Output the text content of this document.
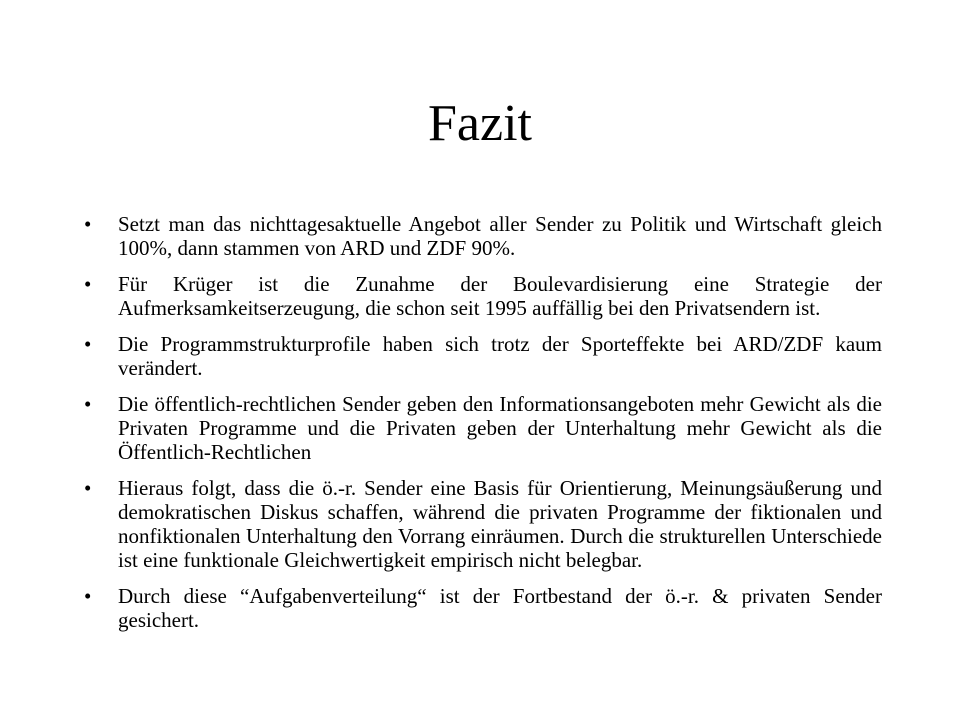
Fazit
• Setzt man das nichttagesaktuelle Angebot aller Sender zu Politik und Wirtschaft gleich 100%, dann stammen von ARD und ZDF 90%.
• Für Krüger ist die Zunahme der Boulevardisierung eine Strategie der Aufmerksamkeitserzeugung, die schon seit 1995 auffällig bei den Privatsendern ist.
• Die Programmstrukturprofile haben sich trotz der Sporteffekte bei ARD/ZDF kaum verändert.
• Die öffentlich-rechtlichen Sender geben den Informationsangeboten mehr Gewicht als die Privaten Programme und die Privaten geben der Unterhaltung mehr Gewicht als die Öffentlich-Rechtlichen
• Hieraus folgt, dass die ö.-r. Sender eine Basis für Orientierung, Meinungsäußerung und demokratischen Diskus schaffen, während die privaten Programme der fiktionalen und nonfiktionalen Unterhaltung den Vorrang einräumen. Durch die strukturellen Unterschiede ist eine funktionale Gleichwertigkeit empirisch nicht belegbar.
• Durch diese “Aufgabenverteilung“ ist der Fortbestand der ö.-r. & privaten Sender gesichert.
